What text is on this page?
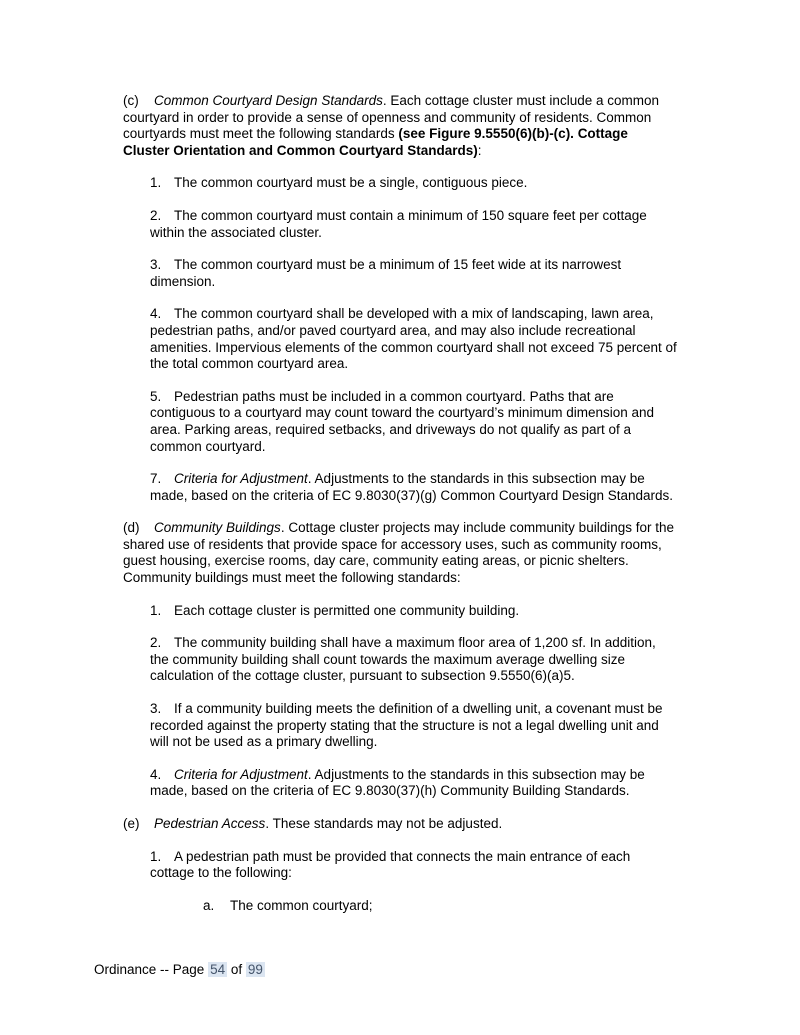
(c) Common Courtyard Design Standards. Each cottage cluster must include a common courtyard in order to provide a sense of openness and community of residents. Common courtyards must meet the following standards (see Figure 9.5550(6)(b)-(c). Cottage Cluster Orientation and Common Courtyard Standards):
1. The common courtyard must be a single, contiguous piece.
2. The common courtyard must contain a minimum of 150 square feet per cottage within the associated cluster.
3. The common courtyard must be a minimum of 15 feet wide at its narrowest dimension.
4. The common courtyard shall be developed with a mix of landscaping, lawn area, pedestrian paths, and/or paved courtyard area, and may also include recreational amenities. Impervious elements of the common courtyard shall not exceed 75 percent of the total common courtyard area.
5. Pedestrian paths must be included in a common courtyard. Paths that are contiguous to a courtyard may count toward the courtyard’s minimum dimension and area. Parking areas, required setbacks, and driveways do not qualify as part of a common courtyard.
7. Criteria for Adjustment. Adjustments to the standards in this subsection may be made, based on the criteria of EC 9.8030(37)(g) Common Courtyard Design Standards.
(d) Community Buildings. Cottage cluster projects may include community buildings for the shared use of residents that provide space for accessory uses, such as community rooms, guest housing, exercise rooms, day care, community eating areas, or picnic shelters. Community buildings must meet the following standards:
1. Each cottage cluster is permitted one community building.
2. The community building shall have a maximum floor area of 1,200 sf. In addition, the community building shall count towards the maximum average dwelling size calculation of the cottage cluster, pursuant to subsection 9.5550(6)(a)5.
3. If a community building meets the definition of a dwelling unit, a covenant must be recorded against the property stating that the structure is not a legal dwelling unit and will not be used as a primary dwelling.
4. Criteria for Adjustment. Adjustments to the standards in this subsection may be made, based on the criteria of EC 9.8030(37)(h) Community Building Standards.
(e) Pedestrian Access. These standards may not be adjusted.
1. A pedestrian path must be provided that connects the main entrance of each cottage to the following:
a. The common courtyard;
Ordinance -- Page 54 of 99
